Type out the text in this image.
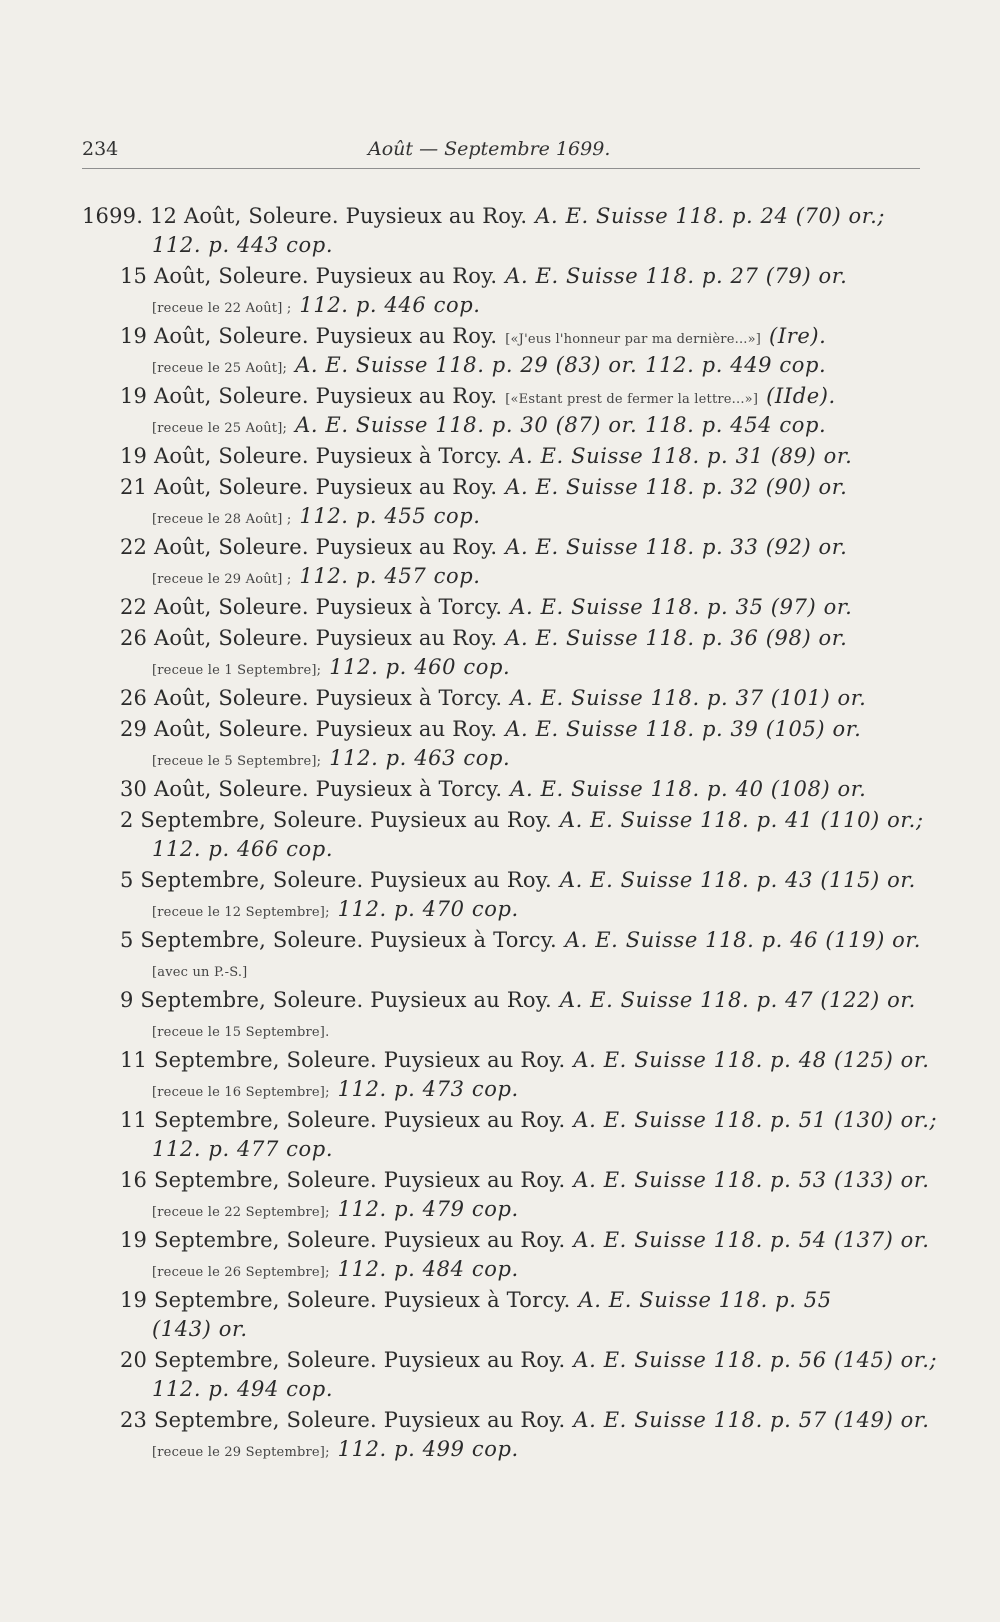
234	Août — Septembre 1699.
1699. 12 Août, Soleure. Puysieux au Roy. A. E. Suisse 118. p. 24 (70) or.;
112. p. 443 cop.
15 Août, Soleure. Puysieux au Roy. A. E. Suisse 118. p. 27 (79) or.
[receue le 22 Août] ; 112. p. 446 cop.
19 Août, Soleure. Puysieux au Roy. [«J'eus l'honneur par ma dernière...»] (Ire).
[receue le 25 Août]; A. E. Suisse 118. p. 29 (83) or. 112. p. 449 cop.
19 Août, Soleure. Puysieux au Roy. [«Estant prest de fermer la lettre...»] (IIde).
[receue le 25 Août]; A. E. Suisse 118. p. 30 (87) or. 118. p. 454 cop.
19 Août, Soleure. Puysieux à Torcy. A. E. Suisse 118. p. 31 (89) or.
21 Août, Soleure. Puysieux au Roy. A. E. Suisse 118. p. 32 (90) or.
[receue le 28 Août] ; 112. p. 455 cop.
22 Août, Soleure. Puysieux au Roy. A. E. Suisse 118. p. 33 (92) or.
[receue le 29 Août] ; 112. p. 457 cop.
22 Août, Soleure. Puysieux à Torcy. A. E. Suisse 118. p. 35 (97) or.
26 Août, Soleure. Puysieux au Roy. A. E. Suisse 118. p. 36 (98) or.
[receue le 1 Septembre]; 112. p. 460 cop.
26 Août, Soleure. Puysieux à Torcy. A. E. Suisse 118. p. 37 (101) or.
29 Août, Soleure. Puysieux au Roy. A. E. Suisse 118. p. 39 (105) or.
[receue le 5 Septembre]; 112. p. 463 cop.
30 Août, Soleure. Puysieux à Torcy. A. E. Suisse 118. p. 40 (108) or.
2 Septembre, Soleure. Puysieux au Roy. A. E. Suisse 118. p. 41 (110) or.;
112. p. 466 cop.
5 Septembre, Soleure. Puysieux au Roy. A. E. Suisse 118. p. 43 (115) or.
[receue le 12 Septembre]; 112. p. 470 cop.
5 Septembre, Soleure. Puysieux à Torcy. A. E. Suisse 118. p. 46 (119) or.
[avec un P.-S.]
9 Septembre, Soleure. Puysieux au Roy. A. E. Suisse 118. p. 47 (122) or.
[receue le 15 Septembre].
11 Septembre, Soleure. Puysieux au Roy. A. E. Suisse 118. p. 48 (125) or.
[receue le 16 Septembre]; 112. p. 473 cop.
11 Septembre, Soleure. Puysieux au Roy. A. E. Suisse 118. p. 51 (130) or.;
112. p. 477 cop.
16 Septembre, Soleure. Puysieux au Roy. A. E. Suisse 118. p. 53 (133) or.
[receue le 22 Septembre]; 112. p. 479 cop.
19 Septembre, Soleure. Puysieux au Roy. A. E. Suisse 118. p. 54 (137) or.
[receue le 26 Septembre]; 112. p. 484 cop.
19 Septembre, Soleure. Puysieux à Torcy. A. E. Suisse 118. p. 55
(143) or.
20 Septembre, Soleure. Puysieux au Roy. A. E. Suisse 118. p. 56 (145) or.;
112. p. 494 cop.
23 Septembre, Soleure. Puysieux au Roy. A. E. Suisse 118. p. 57 (149) or.
[receue le 29 Septembre]; 112. p. 499 cop.
